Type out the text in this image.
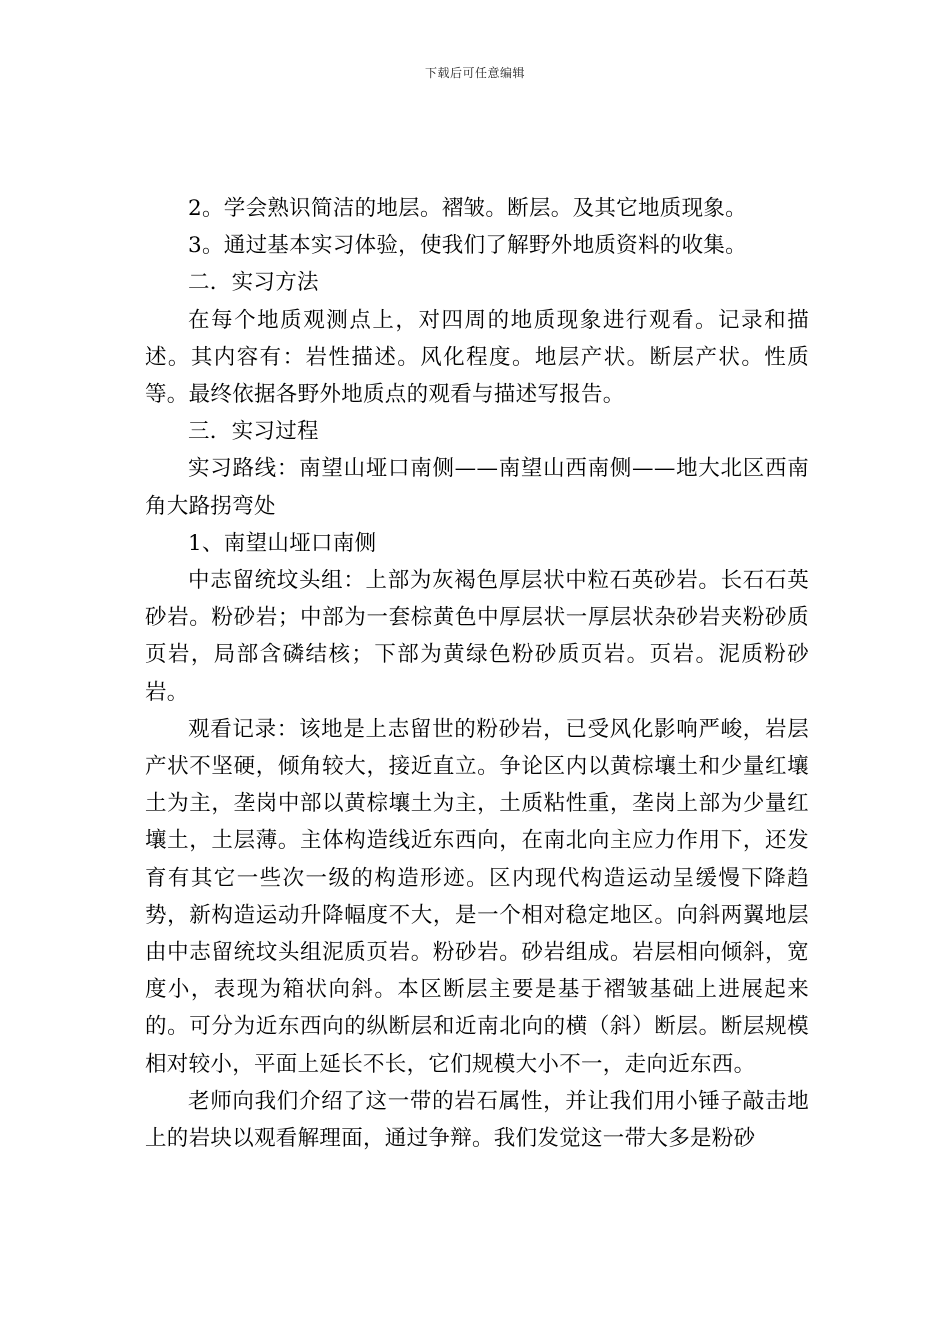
下载后可任意编辑

2。学会熟识简洁的地层。褶皱。断层。及其它地质现象。

3。通过基本实习体验，使我们了解野外地质资料的收集。

二．实习方法

在每个地质观测点上，对四周的地质现象进行观看。记录和描述。其内容有：岩性描述。风化程度。地层产状。断层产状。性质等。最终依据各野外地质点的观看与描述写报告。

三．实习过程

实习路线：南望山垭口南侧——南望山西南侧——地大北区西南角大路拐弯处

1、南望山垭口南侧

中志留统坟头组：上部为灰褐色厚层状中粒石英砂岩。长石石英砂岩。粉砂岩；中部为一套棕黄色中厚层状一厚层状杂砂岩夹粉砂质页岩，局部含磷结核；下部为黄绿色粉砂质页岩。页岩。泥质粉砂岩。

观看记录：该地是上志留世的粉砂岩，已受风化影响严峻，岩层产状不坚硬，倾角较大，接近直立。争论区内以黄棕壤土和少量红壤土为主，垄岗中部以黄棕壤土为主，土质粘性重，垄岗上部为少量红壤土，土层薄。主体构造线近东西向，在南北向主应力作用下，还发育有其它一些次一级的构造形迹。区内现代构造运动呈缓慢下降趋势，新构造运动升降幅度不大，是一个相对稳定地区。向斜两翼地层由中志留统坟头组泥质页岩。粉砂岩。砂岩组成。岩层相向倾斜，宽度小，表现为箱状向斜。本区断层主要是基于褶皱基础上进展起来的。可分为近东西向的纵断层和近南北向的横（斜）断层。断层规模相对较小，平面上延长不长，它们规模大小不一，走向近东西。

老师向我们介绍了这一带的岩石属性，并让我们用小锤子敲击地上的岩块以观看解理面，通过争辩。我们发觉这一带大多是粉砂
